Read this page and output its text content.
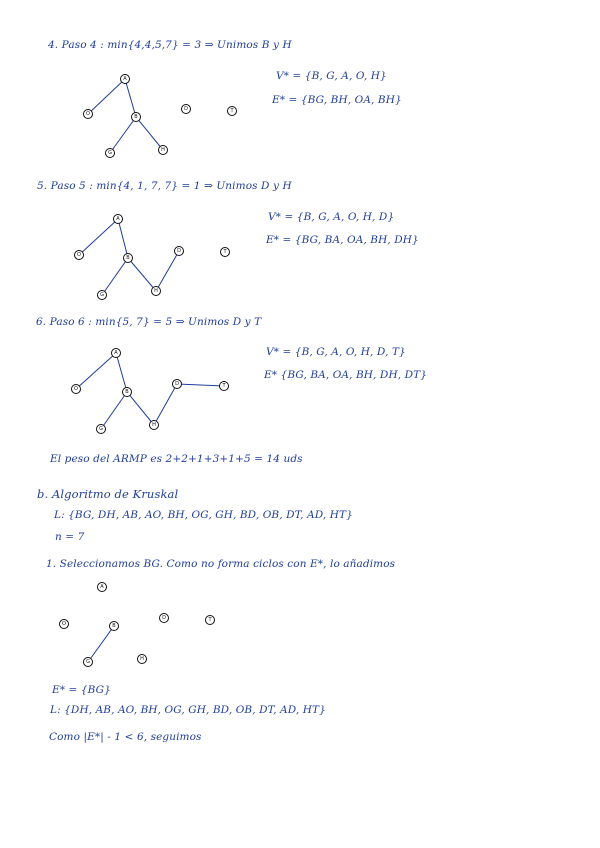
4. Paso 4 : min{4,4,5,7} = 3 ⇒ Unimos B y H
V* = {B, G, A, O, H}
E* = {BG, BH, OA, BH}
5. Paso 5 : min{4, 1, 7, 7} = 1 ⇒ Unimos D y H
V* = {B, G, A, O, H, D}
E* = {BG, BA, OA, BH, DH}
6. Paso 6 : min{5, 7} = 5 ⇒ Unimos D y T
V* = {B, G, A, O, H, D, T}
E* {BG, BA, OA, BH, DH, DT}
El peso del ARMP es 2+2+1+3+1+5 = 14 uds
b. Algoritmo de Kruskal
L: {BG, DH, AB, AO, BH, OG, GH, BD, OB, DT, AD, HT}
n = 7
1. Seleccionamos BG. Como no forma ciclos con E*, lo añadimos
E* = {BG}
L: {DH, AB, AO, BH, OG, GH, BD, OB, DT, AD, HT}
Como |E*| - 1 < 6, seguimos
A
O	B
G	H
D	T
A
O	B
G
H
D	T
A
O	B
G
H
D	T
A
O	B
G	H
D	T
